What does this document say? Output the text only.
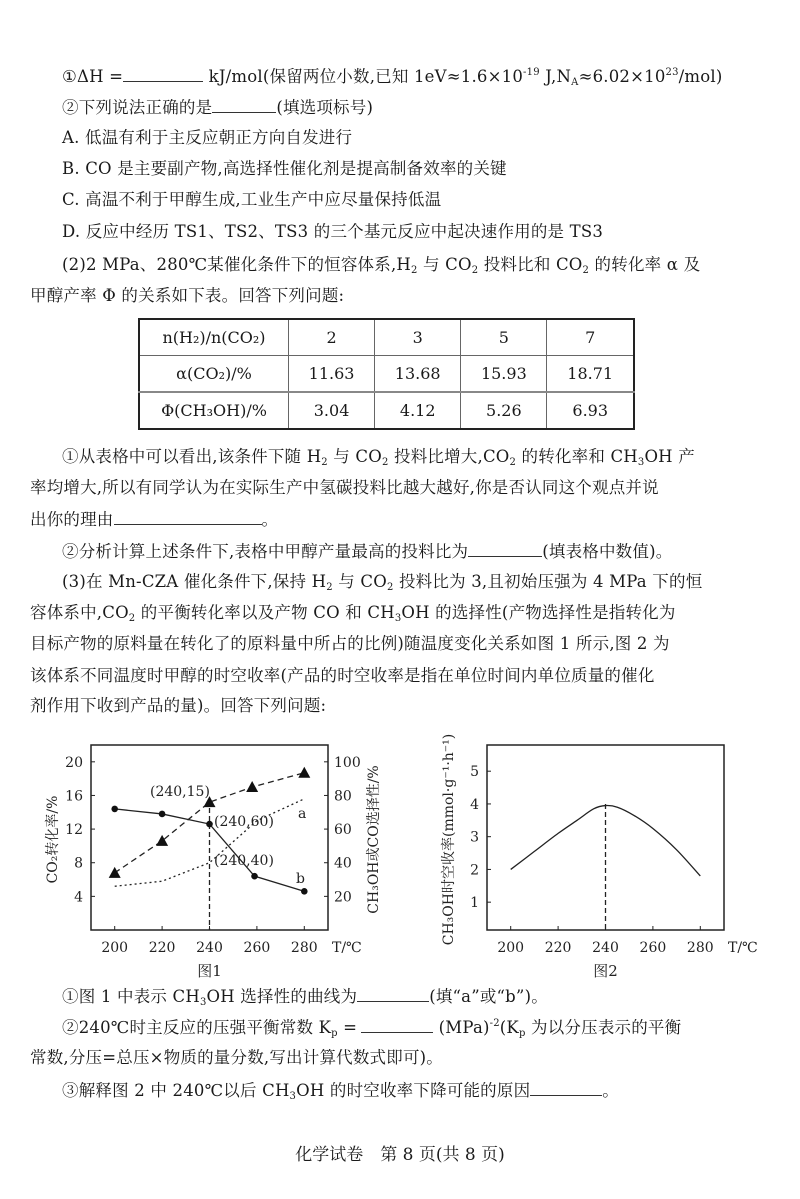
①ΔH =	kJ/mol(保留两位小数,已知 $1eV\approx 1.6\times 10^{-19}$ $J,N_A\approx 6.02\times 10^{23}/mol$)
②下列说法正确的是	(填选项标号)
A. 低温有利于主反应朝正方向自发进行
B. CO 是主要副产物,高选择性催化剂是提高制备效率的关键
C. 高温不利于甲醇生成,工业生产中应尽量保持低温
D. 反应中经历 TS1、TS2、TS3 的三个基元反应中起决速作用的是 TS3
(2)2 MPa、280℃某催化条件下的恒容体系$,H_2$ 与 $CO_2$ 投料比和 $CO_2$ 的转化率 α 及
甲醇产率 Φ 的关系如下表。回答下列问题:
n(H₂)/n(CO₂)	2	3	5	7
α(CO₂)/%	11.63	13.68	15.93	18.71
Φ(CH₃OH)/%	3.04	4.12	5.26	6.93
①从表格中可以看出,该条件下随 $H_2$ 与 $CO_2$ 投料比增大$,CO_2$ 的转化率和 $CH_3OH$ 产
率均增大,所以有同学认为在实际生产中氢碳投料比越大越好,你是否认同这个观点并说
出你的理由	。
②分析计算上述条件下,表格中甲醇产量最高的投料比为	(填表格中数值)。
(3)在 Mn-CZA 催化条件下,保持 $H_2$ 与 $CO_2$ 投料比为 3,且初始压强为 4 MPa 下的恒
容体系中$,CO_2$ 的平衡转化率以及产物 CO 和 $CH_3OH$ 的选择性(产物选择性是指转化为
目标产物的原料量在转化了的原料量中所占的比例)随温度变化关系如图 1 所示,图 2 为
该体系不同温度时甲醇的时空收率(产品的时空收率是指在单位时间内单位质量的催化
剂作用下收到产品的量)。回答下列问题:
200 220 240 260 280 T/℃
4
8
12
16
20
CO₂转化率/%
20
40
60
80
100
CH₃OH或CO选择性/%
图1
(240,15)
(240,60)
(240,40)
a
b
200 220 240 260 280 T/℃
1
2
3
4
5
CH₃OH时空收率(mmol·g⁻¹·h⁻¹)
图2
①图 1 中表示 $CH_3OH$ 选择性的曲线为	(填“a”或“b”)。
②240℃时主反应的压强平衡常数 $K_p$ =	$(MPa)^{-2}(K_p$ 为以分压表示的平衡
常数,分压=总压×物质的量分数,写出计算代数式即可)。
③解释图 2 中 240℃以后 $CH_3OH$ 的时空收率下降可能的原因	。
化学试卷　第 8 页(共 8 页)
